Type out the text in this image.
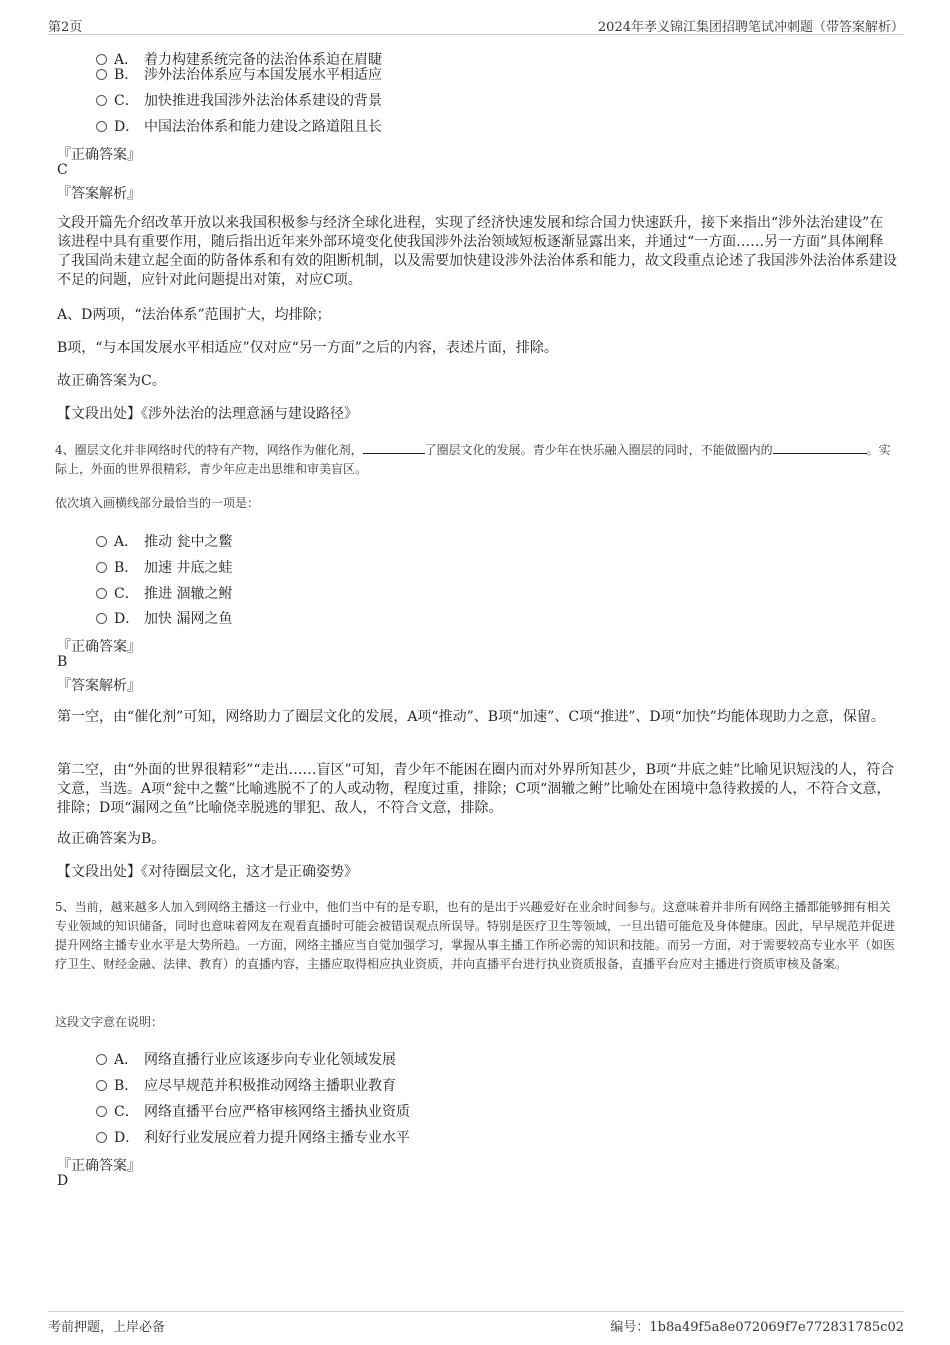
第2页	2024年孝义锦江集团招聘笔试冲刺题（带答案解析）
A． 着力构建系统完备的法治体系迫在眉睫
B． 涉外法治体系应与本国发展水平相适应
C． 加快推进我国涉外法治体系建设的背景
D． 中国法治体系和能力建设之路道阻且长
『正确答案』
C
『答案解析』
文段开篇先介绍改革开放以来我国积极参与经济全球化进程，实现了经济快速发展和综合国力快速跃升，接下来指出“涉外法治建设”在该进程中具有重要作用，随后指出近年来外部环境变化使我国涉外法治领域短板逐渐显露出来，并通过“一方面……另一方面”具体阐释了我国尚未建立起全面的防备体系和有效的阻断机制，以及需要加快建设涉外法治体系和能力，故文段重点论述了我国涉外法治体系建设不足的问题，应针对此问题提出对策，对应C项。
A、D两项，“法治体系”范围扩大，均排除；
B项，“与本国发展水平相适应”仅对应“另一方面”之后的内容，表述片面，排除。
故正确答案为C。
【文段出处】《涉外法治的法理意涵与建设路径》
4、圈层文化并非网络时代的特有产物，网络作为催化剂，	了圈层文化的发展。青少年在快乐融入圈层的同时，不能做圈内的	。实际上，外面的世界很精彩，青少年应走出思维和审美盲区。
依次填入画横线部分最恰当的一项是：
A． 推动 瓮中之鳖
B． 加速 井底之蛙
C． 推进 涸辙之鲋
D． 加快 漏网之鱼
『正确答案』
B
『答案解析』
第一空，由“催化剂”可知，网络助力了圈层文化的发展，A项“推动”、B项“加速”、C项“推进”、D项“加快”均能体现助力之意，保留。
第二空，由“外面的世界很精彩”“走出……盲区”可知，青少年不能困在圈内而对外界所知甚少，B项“井底之蛙”比喻见识短浅的人，符合文意，当选。A项“瓮中之鳖”比喻逃脱不了的人或动物，程度过重，排除；C项“涸辙之鲋”比喻处在困境中急待救援的人，不符合文意，排除；D项“漏网之鱼”比喻侥幸脱逃的罪犯、敌人，不符合文意，排除。
故正确答案为B。
【文段出处】《对待圈层文化，这才是正确姿势》
5、当前，越来越多人加入到网络主播这一行业中，他们当中有的是专职，也有的是出于兴趣爱好在业余时间参与。这意味着并非所有网络主播都能够拥有相关专业领域的知识储备，同时也意味着网友在观看直播时可能会被错误观点所误导。特别是医疗卫生等领域，一旦出错可能危及身体健康。因此，早早规范并促进提升网络主播专业水平是大势所趋。一方面，网络主播应当自觉加强学习，掌握从事主播工作所必需的知识和技能。而另一方面，对于需要较高专业水平（如医疗卫生、财经金融、法律、教育）的直播内容，主播应取得相应执业资质，并向直播平台进行执业资质报备，直播平台应对主播进行资质审核及备案。
这段文字意在说明：
A． 网络直播行业应该逐步向专业化领域发展
B． 应尽早规范并积极推动网络主播职业教育
C． 网络直播平台应严格审核网络主播执业资质
D． 利好行业发展应着力提升网络主播专业水平
『正确答案』
D
考前押题，上岸必备	编号：1b8a49f5a8e072069f7e772831785c02
